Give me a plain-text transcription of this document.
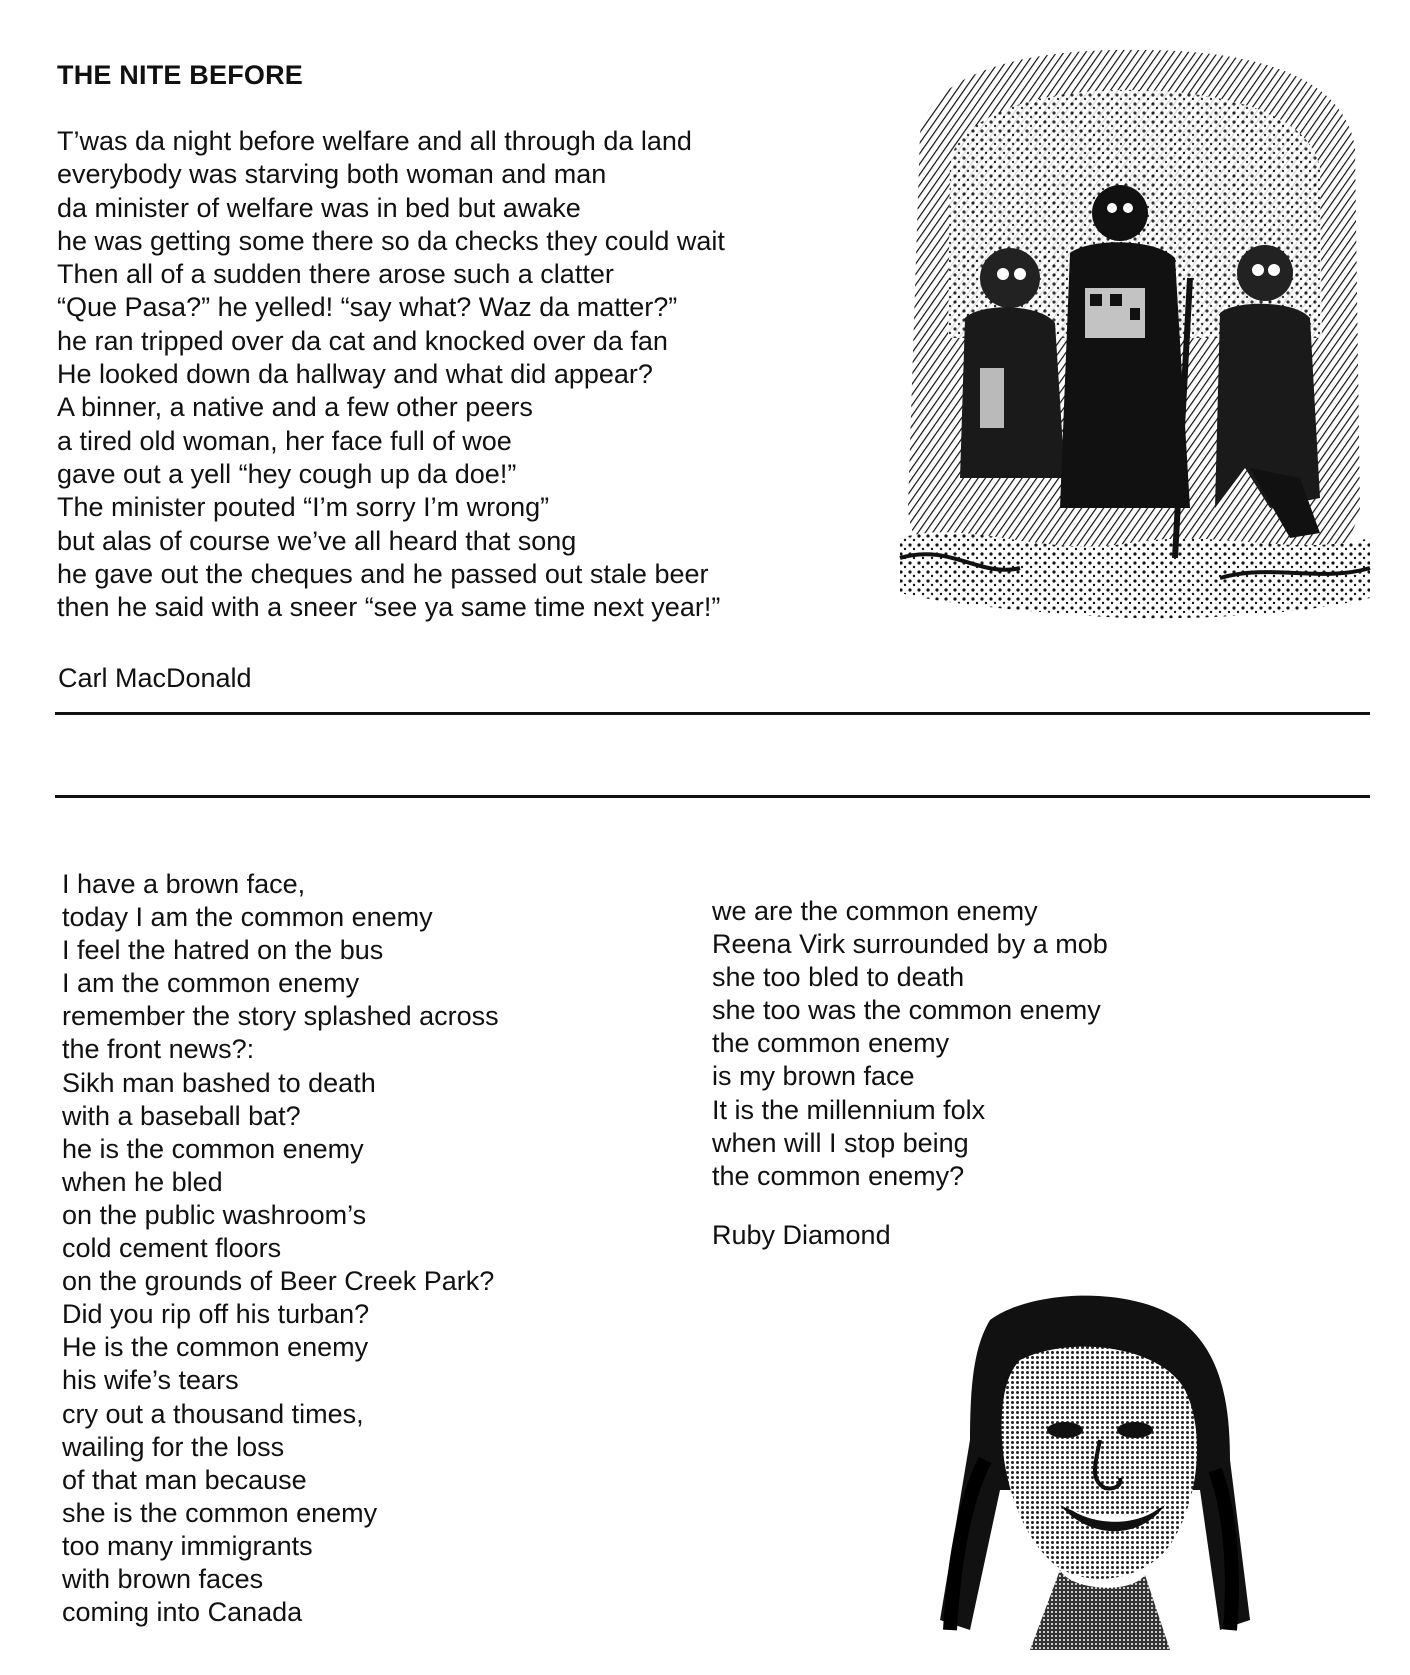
THE NITE BEFORE
T’was da night before welfare and all through da land
everybody was starving both woman and man
da minister of welfare was in bed but awake
he was getting some there so da checks they could wait
Then all of a sudden there arose such a clatter
“Que Pasa?” he yelled! “say what? Waz da matter?”
he ran tripped over da cat and knocked over da fan
He looked down da hallway and what did appear?
A binner, a native and a few other peers
a tired old woman, her face full of woe
gave out a yell “hey cough up da doe!”
The minister pouted “I’m sorry I’m wrong”
but alas of course we’ve all heard that song
he gave out the cheques and he passed out stale beer
then he said with a sneer “see ya same time next year!”

Carl MacDonald

I have a brown face,
today I am the common enemy
I feel the hatred on the bus
I am the common enemy
remember the story splashed across
the front news?:
Sikh man bashed to death
with a baseball bat?
he is the common enemy
when he bled
on the public washroom’s
cold cement floors
on the grounds of Beer Creek Park?
Did you rip off his turban?
He is the common enemy
his wife’s tears
cry out a thousand times,
wailing for the loss
of that man because
she is the common enemy
too many immigrants
with brown faces
coming into Canada
we are the common enemy
Reena Virk surrounded by a mob
she too bled to death
she too was the common enemy
the common enemy
is my brown face
It is the millennium folx
when will I stop being
the common enemy?

Ruby Diamond
